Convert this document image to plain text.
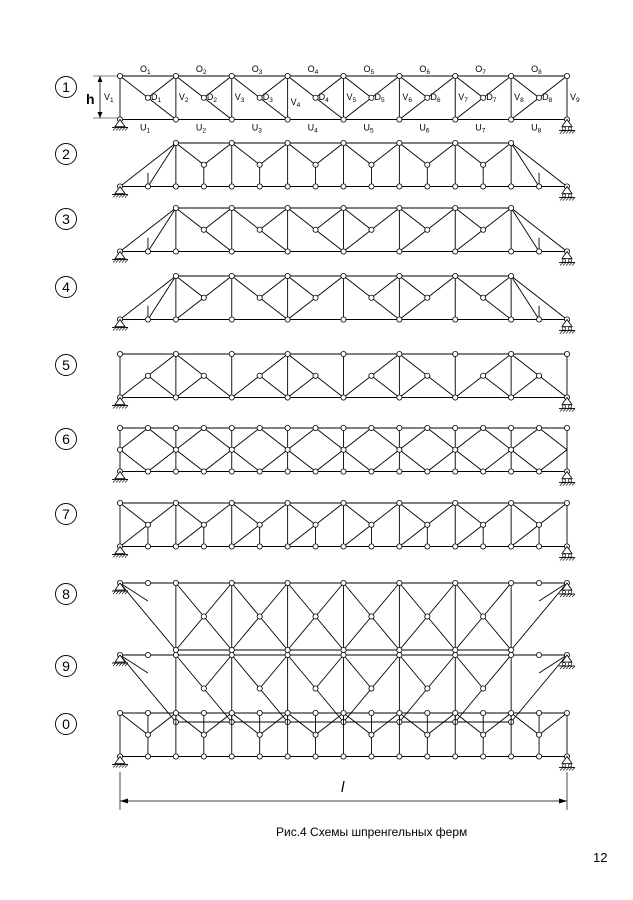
1
2
3
4
5
6
7
8
9
0
$O_1$	$O_2$	$O_3$	$O_4$	$O_5$	$O_6$	$O_7$	$O_8$
$U_1$	$U_2$	$U_3$	$U_4$	$U_5$	$U_6$	$U_7$	$U_8$
$V_1$	$V_2$	$V_3$	$V_4$
$V_5$	$V_6$	$V_7$	$V_8$	$V_9$
$D_1$	$D_2$	$D_3$	$D_4$	$D_5$	$D_6$	$D_7$	$D_8$
h
l
Рис.4 Схемы шпренгельных ферм
12
